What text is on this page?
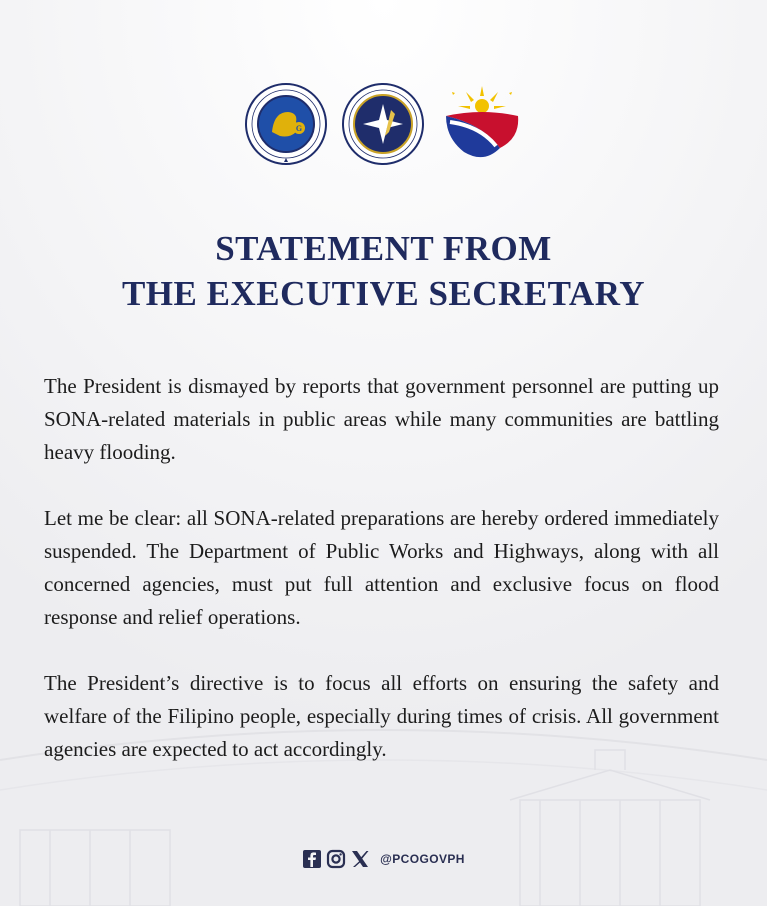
G
STATEMENT FROM
THE EXECUTIVE SECRETARY

The President is dismayed by reports that government personnel are putting up SONA-related materials in public areas while many communities are battling heavy flooding.

Let me be clear: all SONA-related preparations are hereby ordered immediately suspended. The Department of Public Works and Highways, along with all concerned agencies, must put full attention and exclusive focus on flood response and relief operations.

The President’s directive is to focus all efforts on ensuring the safety and welfare of the Filipino people, especially during times of crisis. All government agencies are expected to act accordingly.

@PCOGOVPH
